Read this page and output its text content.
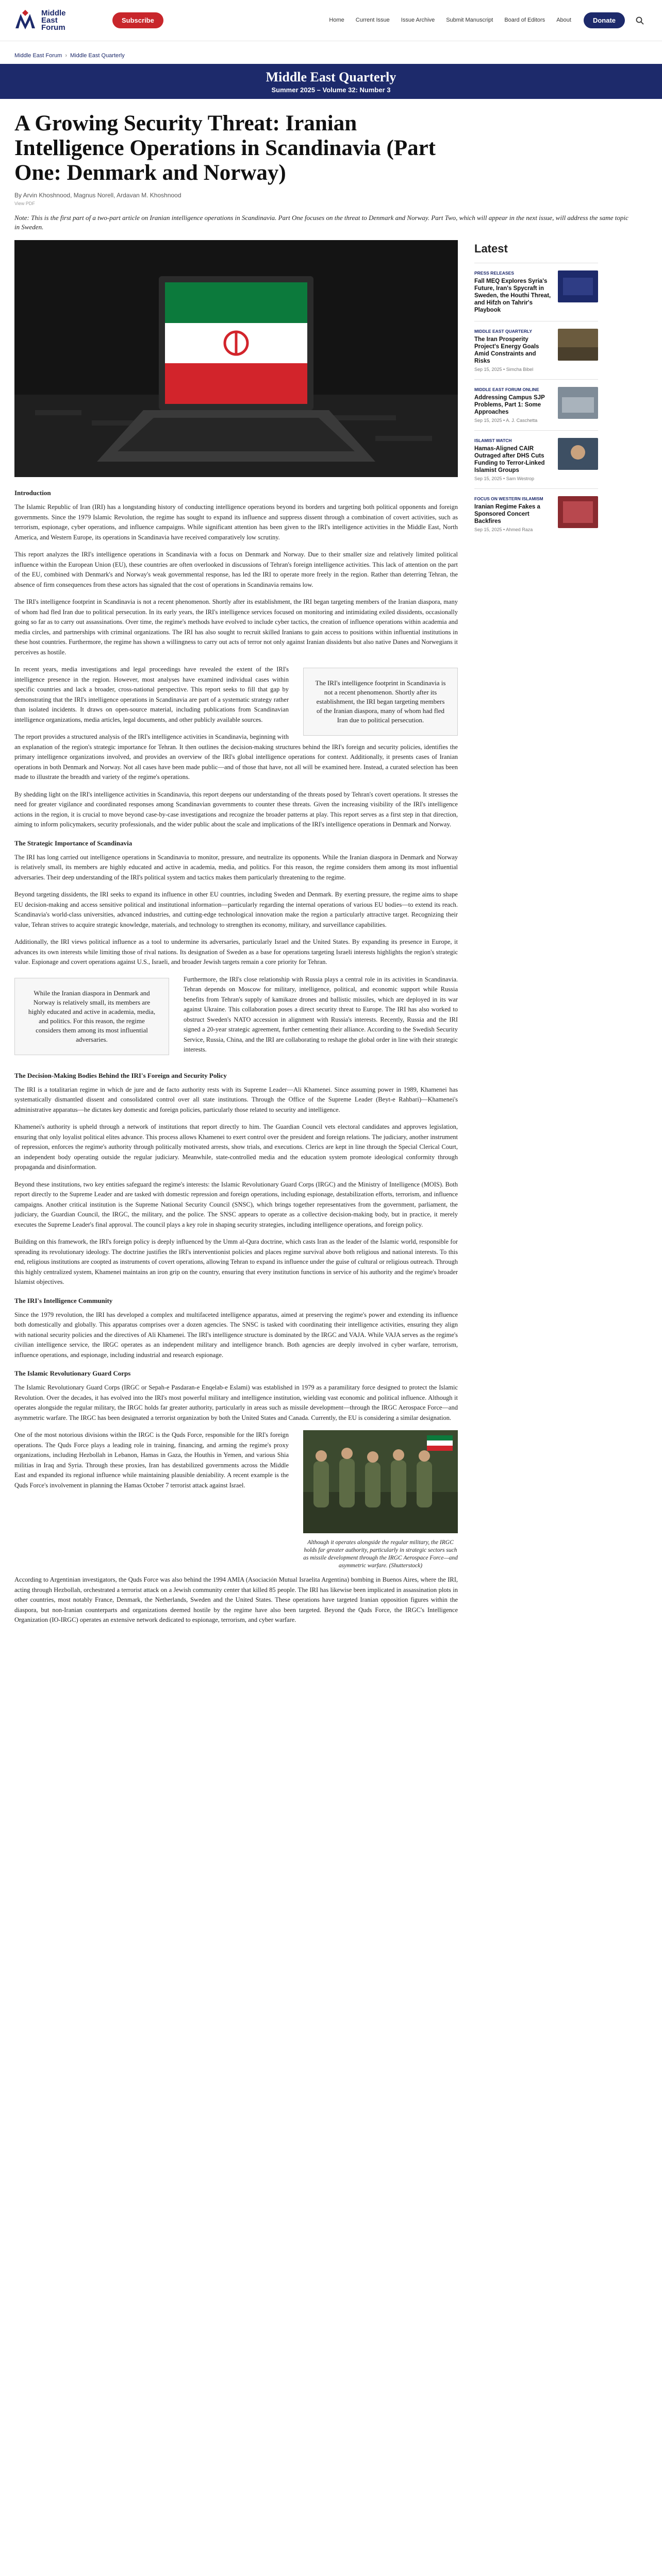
Middle
East
Forum
Subscribe	Home Current Issue Issue Archive Submit Manuscript Board of Editors About	Donate
Middle East Forum › Middle East Quarterly
Middle East Quarterly
Summer 2025 – Volume 32: Number 3
A Growing Security Threat: Iranian Intelligence Operations in Scandinavia (Part One: Denmark and Norway)
By Arvin Khoshnood, Magnus Norell, Ardavan M. Khoshnood
View PDF
Note: This is the first part of a two-part article on Iranian intelligence operations in Scandinavia. Part One focuses on the threat to Denmark and Norway. Part Two, which will appear in the next issue, will address the same topic in Sweden.
Introduction

The Islamic Republic of Iran (IRI) has a longstanding history of conducting intelligence operations beyond its borders and targeting both political opponents and foreign governments. Since the 1979 Islamic Revolution, the regime has sought to expand its influence and suppress dissent through a combination of covert activities, such as terrorism, espionage, cyber operations, and influence campaigns. While significant attention has been given to the IRI's intelligence activities in the Middle East, North America, and Western Europe, its operations in Scandinavia have received comparatively low scrutiny.

This report analyzes the IRI's intelligence operations in Scandinavia with a focus on Denmark and Norway. Due to their smaller size and relatively limited political influence within the European Union (EU), these countries are often overlooked in discussions of Tehran's foreign intelligence activities. This lack of attention on the part of the EU, combined with Denmark's and Norway's weak governmental response, has led the IRI to operate more freely in the region. Rather than deterring Tehran, the absence of firm consequences from these actors has signaled that the cost of operations in Scandinavia remains low.

The IRI's intelligence footprint in Scandinavia is not a recent phenomenon. Shortly after its establishment, the IRI began targeting members of the Iranian diaspora, many of whom had fled Iran due to political persecution. In its early years, the IRI's intelligence services focused on monitoring and intimidating exiled dissidents, occasionally going so far as to carry out assassinations. Over time, the regime's methods have evolved to include cyber tactics, the creation of influence operations within academia and media circles, and partnerships with criminal organizations. The IRI has also sought to recruit skilled Iranians to gain access to positions within influential institutions in these host countries. Furthermore, the regime has shown a willingness to carry out acts of terror not only against Iranian dissidents but also native Danes and Norwegians it perceives as hostile.

The IRI's intelligence footprint in Scandinavia is not a recent phenomenon. Shortly after its establishment, the IRI began targeting members of the Iranian diaspora, many of whom had fled Iran due to political persecution.

In recent years, media investigations and legal proceedings have revealed the extent of the IRI's intelligence presence in the region. However, most analyses have examined individual cases within specific countries and lack a broader, cross-national perspective. This report seeks to fill that gap by demonstrating that the IRI's intelligence operations in Scandinavia are part of a systematic strategy rather than isolated incidents. It draws on open-source material, including publications from Scandinavian intelligence organizations, media articles, legal documents, and other publicly available sources.

The report provides a structured analysis of the IRI's intelligence activities in Scandinavia, beginning with an explanation of the region's strategic importance for Tehran. It then outlines the decision-making structures behind the IRI's foreign and security policies, identifies the primary intelligence organizations involved, and provides an overview of the IRI's global intelligence operations for context. Additionally, it presents cases of Iranian operations in both Denmark and Norway. Not all cases have been made public—and of those that have, not all will be examined here. Instead, a curated selection has been made to illustrate the breadth and variety of the regime's operations.

By shedding light on the IRI's intelligence activities in Scandinavia, this report deepens our understanding of the threats posed by Tehran's covert operations. It stresses the need for greater vigilance and coordinated responses among Scandinavian governments to counter these threats. Given the increasing visibility of the IRI's intelligence actions in the region, it is crucial to move beyond case-by-case investigations and recognize the broader patterns at play. This report serves as a first step in that direction, aiming to inform policymakers, security professionals, and the wider public about the scale and implications of the IRI's intelligence operations in Denmark and Norway.

The Strategic Importance of Scandinavia

The IRI has long carried out intelligence operations in Scandinavia to monitor, pressure, and neutralize its opponents. While the Iranian diaspora in Denmark and Norway is relatively small, its members are highly educated and active in academia, media, and politics. For this reason, the regime considers them among its most influential adversaries. Their deep understanding of the IRI's political system and tactics makes them particularly threatening to the regime.

Beyond targeting dissidents, the IRI seeks to expand its influence in other EU countries, including Sweden and Denmark. By exerting pressure, the regime aims to shape EU decision-making and access sensitive political and institutional information—particularly regarding the internal operations of various EU bodies—to extend its reach. Scandinavia's world-class universities, advanced industries, and cutting-edge technological innovation make the region a particularly attractive target. Recognizing their value, Tehran strives to acquire strategic knowledge, materials, and technology to strengthen its economy, military, and surveillance capabilities.

Additionally, the IRI views political influence as a tool to undermine its adversaries, particularly Israel and the United States. By expanding its presence in Europe, it advances its own interests while limiting those of rival nations. Its designation of Sweden as a base for operations targeting Israeli interests highlights the region's strategic value. Espionage and covert operations against U.S., Israeli, and broader Jewish targets remain a core priority for Tehran.

While the Iranian diaspora in Denmark and Norway is relatively small, its members are highly educated and active in academia, media, and politics. For this reason, the regime considers them among its most influential adversaries.

Furthermore, the IRI's close relationship with Russia plays a central role in its activities in Scandinavia. Tehran depends on Moscow for military, intelligence, political, and economic support while Russia benefits from Tehran's supply of kamikaze drones and ballistic missiles, which are deployed in its war against Ukraine. This collaboration poses a direct security threat to Europe. The IRI has also worked to obstruct Sweden's NATO accession in alignment with Russia's interests. Recently, Russia and the IRI signed a 20-year strategic agreement, further cementing their alliance. According to the Swedish Security Service, Russia, China, and the IRI are collaborating to reshape the global order in line with their strategic interests.

The Decision-Making Bodies Behind the IRI's Foreign and Security Policy

The IRI is a totalitarian regime in which de jure and de facto authority rests with its Supreme Leader—Ali Khamenei. Since assuming power in 1989, Khamenei has systematically dismantled dissent and consolidated control over all state institutions. Through the Office of the Supreme Leader (Beyt-e Rahbari)—Khamenei's administrative apparatus—he dictates key domestic and foreign policies, particularly those related to security and intelligence.

Khamenei's authority is upheld through a network of institutions that report directly to him. The Guardian Council vets electoral candidates and approves legislation, ensuring that only loyalist political elites advance. This process allows Khamenei to exert control over the president and foreign relations. The judiciary, another instrument of repression, enforces the regime's authority through politically motivated arrests, show trials, and executions. Clerics are kept in line through the Special Clerical Court, an independent body operating outside the regular judiciary. Meanwhile, state-controlled media and the education system promote ideological conformity through propaganda and disinformation.

Beyond these institutions, two key entities safeguard the regime's interests: the Islamic Revolutionary Guard Corps (IRGC) and the Ministry of Intelligence (MOIS). Both report directly to the Supreme Leader and are tasked with domestic repression and foreign operations, including espionage, destabilization efforts, terrorism, and influence campaigns. Another critical institution is the Supreme National Security Council (SNSC), which brings together representatives from the government, parliament, the judiciary, the Guardian Council, the IRGC, the military, and the police. The SNSC appears to operate as a collective decision-making body, but in practice, it merely executes the Supreme Leader's final approval. The council plays a key role in shaping security strategies, including intelligence operations, and foreign policy.

Building on this framework, the IRI's foreign policy is deeply influenced by the Umm al-Qura doctrine, which casts Iran as the leader of the Islamic world, responsible for spreading its revolutionary ideology. The doctrine justifies the IRI's interventionist policies and places regime survival above both religious and national interests. To this end, religious institutions are coopted as instruments of covert operations, allowing Tehran to expand its influence under the guise of cultural or religious outreach. Through this highly centralized system, Khamenei maintains an iron grip on the country, ensuring that every institution functions in service of his authority and the regime's broader Islamist objectives.

The IRI's Intelligence Community

Since the 1979 revolution, the IRI has developed a complex and multifaceted intelligence apparatus, aimed at preserving the regime's power and extending its influence both domestically and globally. This apparatus comprises over a dozen agencies. The SNSC is tasked with coordinating their intelligence activities, ensuring they align with national security policies and the directives of Ali Khamenei. The IRI's intelligence structure is dominated by the IRGC and VAJA. While VAJA serves as the regime's civilian intelligence service, the IRGC operates as an independent military and intelligence branch. Both agencies are deeply involved in cyber warfare, terrorism, influence operations, and espionage, including industrial and research espionage.

The Islamic Revolutionary Guard Corps

The Islamic Revolutionary Guard Corps (IRGC or Sepah-e Pasdaran-e Enqelab-e Eslami) was established in 1979 as a paramilitary force designed to protect the Islamic Revolution. Over the decades, it has evolved into the IRI's most powerful military and intelligence institution, wielding vast economic and political influence. Although it operates alongside the regular military, the IRGC holds far greater authority, particularly in areas such as missile development—through the IRGC Aerospace Force—and asymmetric warfare. The IRGC has been designated a terrorist organization by both the United States and Canada. Currently, the EU is considering a similar designation.

Although it operates alongside the regular military, the IRGC holds far greater authority, particularly in strategic sectors such as missile development through the IRGC Aerospace Force—and asymmetric warfare. (Shutterstock)

One of the most notorious divisions within the IRGC is the Quds Force, responsible for the IRI's foreign operations. The Quds Force plays a leading role in training, financing, and arming the regime's proxy organizations, including Hezbollah in Lebanon, Hamas in Gaza, the Houthis in Yemen, and various Shia militias in Iraq and Syria. Through these proxies, Iran has destabilized governments across the Middle East and expanded its regional influence while maintaining plausible deniability. A recent example is the Quds Force's involvement in planning the Hamas October 7 terrorist attack against Israel.

According to Argentinian investigators, the Quds Force was also behind the 1994 AMIA (Asociación Mutual Israelita Argentina) bombing in Buenos Aires, where the IRI, acting through Hezbollah, orchestrated a terrorist attack on a Jewish community center that killed 85 people. The IRI has likewise been implicated in assassination plots in other countries, most notably France, Denmark, the Netherlands, Sweden and the United States. These operations have targeted Iranian opposition figures within the diaspora, but non-Iranian counterparts and organizations deemed hostile by the regime have also been targeted. Beyond the Quds Force, the IRGC's Intelligence Organization (IO-IRGC) operates an extensive network dedicated to espionage, terrorism, and cyber warfare.

Latest
PRESS RELEASES
Fall MEQ Explores Syria's Future, Iran's Spycraft in Sweden, the Houthi Threat, and Hifzh on Tahrir's Playbook
MIDDLE EAST QUARTERLY
The Iran Prosperity Project's Energy Goals Amid Constraints and Risks
Sep 15, 2025 • Simcha Bibel
MIDDLE EAST FORUM ONLINE
Addressing Campus SJP Problems, Part 1: Some Approaches
Sep 15, 2025 • A. J. Caschetta
ISLAMIST WATCH
Hamas-Aligned CAIR Outraged after DHS Cuts Funding to Terror-Linked Islamist Groups
Sep 15, 2025 • Sam Westrop
FOCUS ON WESTERN ISLAMISM
Iranian Regime Fakes a Sponsored Concert Backfires
Sep 15, 2025 • Ahmed Raza
